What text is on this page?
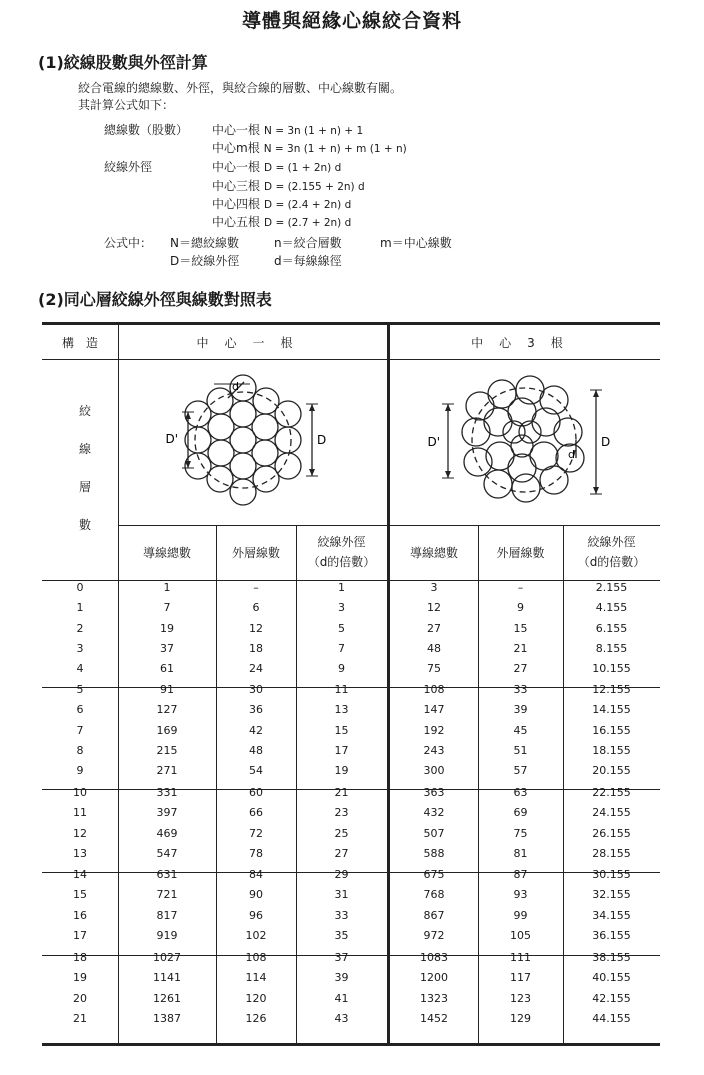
導體與絕緣心線絞合資料
(1)絞線股數與外徑計算
絞合電線的總線數、外徑，與絞合線的層數、中心線數有關。
其計算公式如下：
總線數（股數）
絞線外徑
中心一根 N = 3n (1 + n) + 1
中心m根 N = 3n (1 + n) + m (1 + n)
中心一根 D = (1 + 2n) d
中心三根 D = (2.155 + 2n) d
中心四根 D = (2.4 + 2n) d
中心五根 D = (2.7 + 2n) d
公式中： N＝總絞線數	n＝絞合層數	m＝中心線數
D＝絞線外徑	d＝每線線徑
(2)同心層絞線外徑與線數對照表
構　造	中心一根	中心3根
絞
線
層
數
D'	D
d
D'	D
d
導線總數	外層線數
絞線外徑
（d的倍數）
導線總數	外層線數
絞線外徑
（d的倍數）
0	1	–	1	3	–	2.155
1	7	6	3	12	9	4.155
2	19	12	5	27	15	6.155
3	37	18	7	48	21	8.155
4	61	24	9	75	27	10.155
5	91	30	11	108	33	12.155
6	127	36	13	147	39	14.155
7	169	42	15	192	45	16.155
8	215	48	17	243	51	18.155
9	271	54	19	300	57	20.155
10	331	60	21	363	63	22.155
11	397	66	23	432	69	24.155
12	469	72	25	507	75	26.155
13	547	78	27	588	81	28.155
14	631	84	29	675	87	30.155
15	721	90	31	768	93	32.155
16	817	96	33	867	99	34.155
17	919	102	35	972	105	36.155
18	1027	108	37	1083	111	38.155
19	1141	114	39	1200	117	40.155
20	1261	120	41	1323	123	42.155
21	1387	126	43	1452	129	44.155
